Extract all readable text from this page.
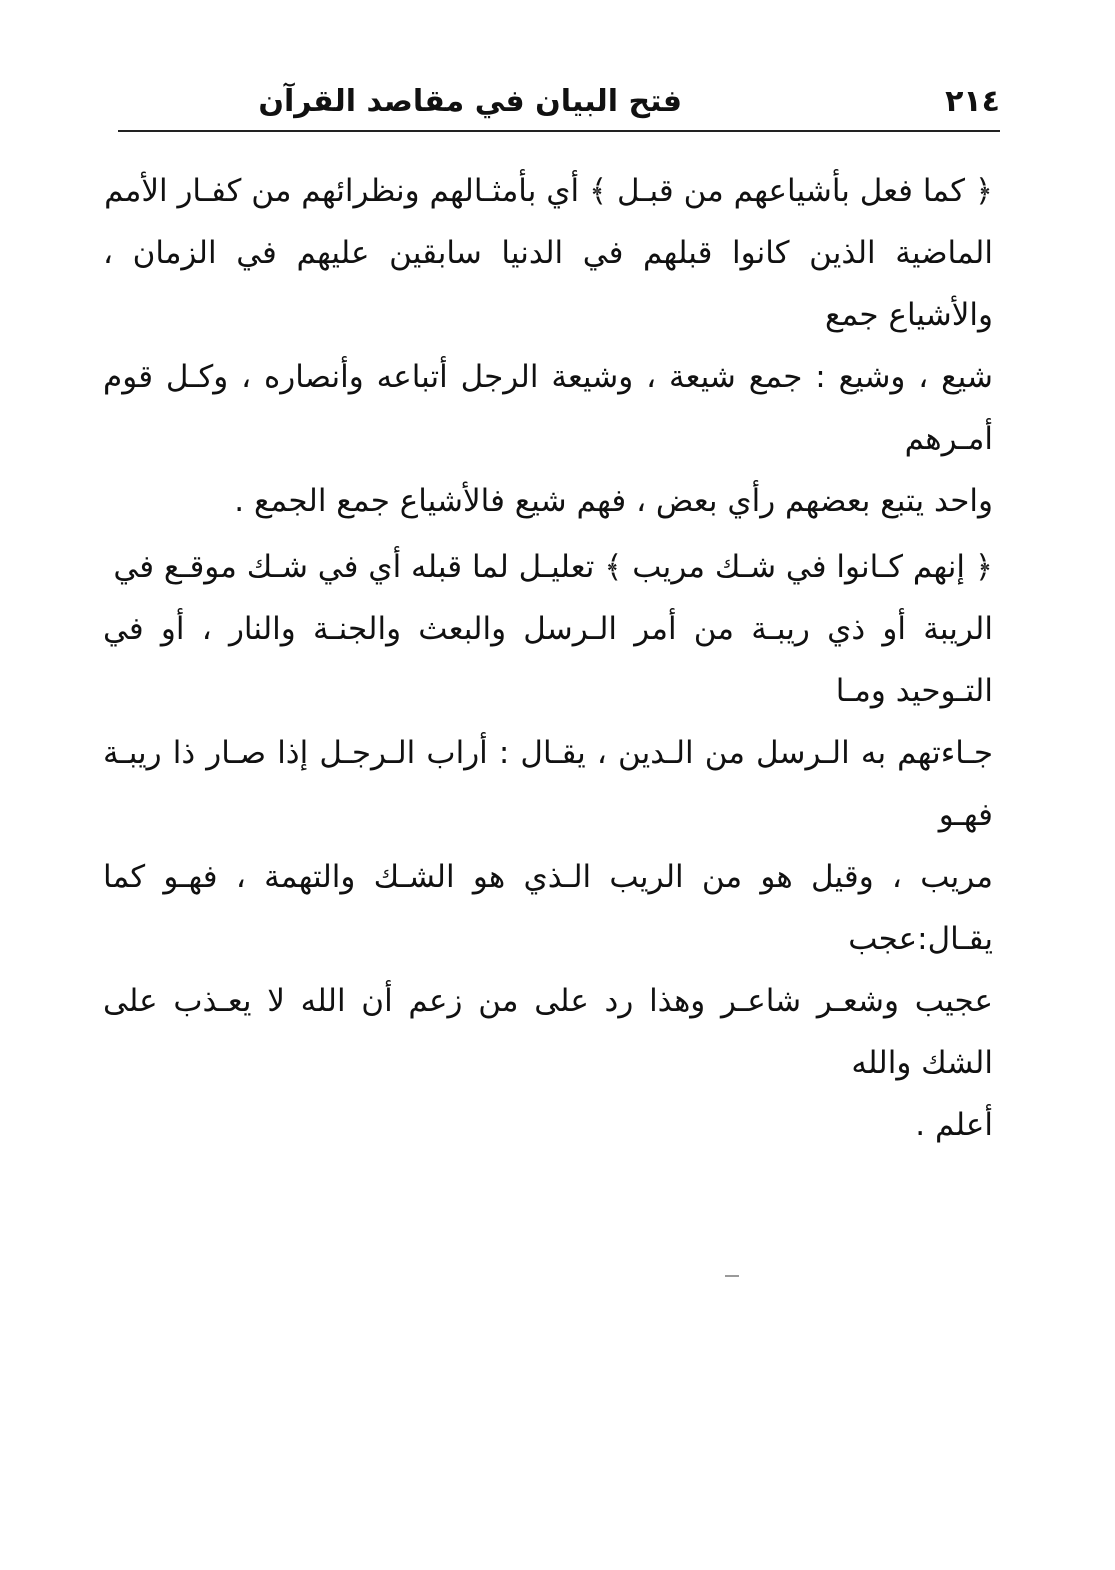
٢١٤
فتح البيان في مقاصد القرآن

﴿ كما فعل بأشياعهم من قبـل ﴾ أي بأمثـالهم ونظرائهم من كفـار الأمم
الماضية الذين كانوا قبلهم في الدنيا سابقين عليهم في الزمان ، والأشياع جمع
شيع ، وشيع : جمع شيعة ، وشيعة الرجل أتباعه وأنصاره ، وكـل قوم أمـرهم
واحد يتبع بعضهم رأي بعض ، فهم شيع فالأشياع جمع الجمع .

﴿ إنهم كـانوا في شـك مريب ﴾ تعليـل لما قبله أي في شـك موقـع في
الريبة أو ذي ريبـة من أمر الـرسل والبعث والجنـة والنار ، أو في التـوحيد ومـا
جـاءتهم به الـرسل من الـدين ، يقـال : أراب الـرجـل إذا صـار ذا ريبـة فهـو
مريب ، وقيل هو من الريب الـذي هو الشـك والتهمة ، فهـو كما يقـال:عجب
عجيب وشعـر شاعـر وهذا رد على من زعم أن الله لا يعـذب على الشك والله
أعلم .
